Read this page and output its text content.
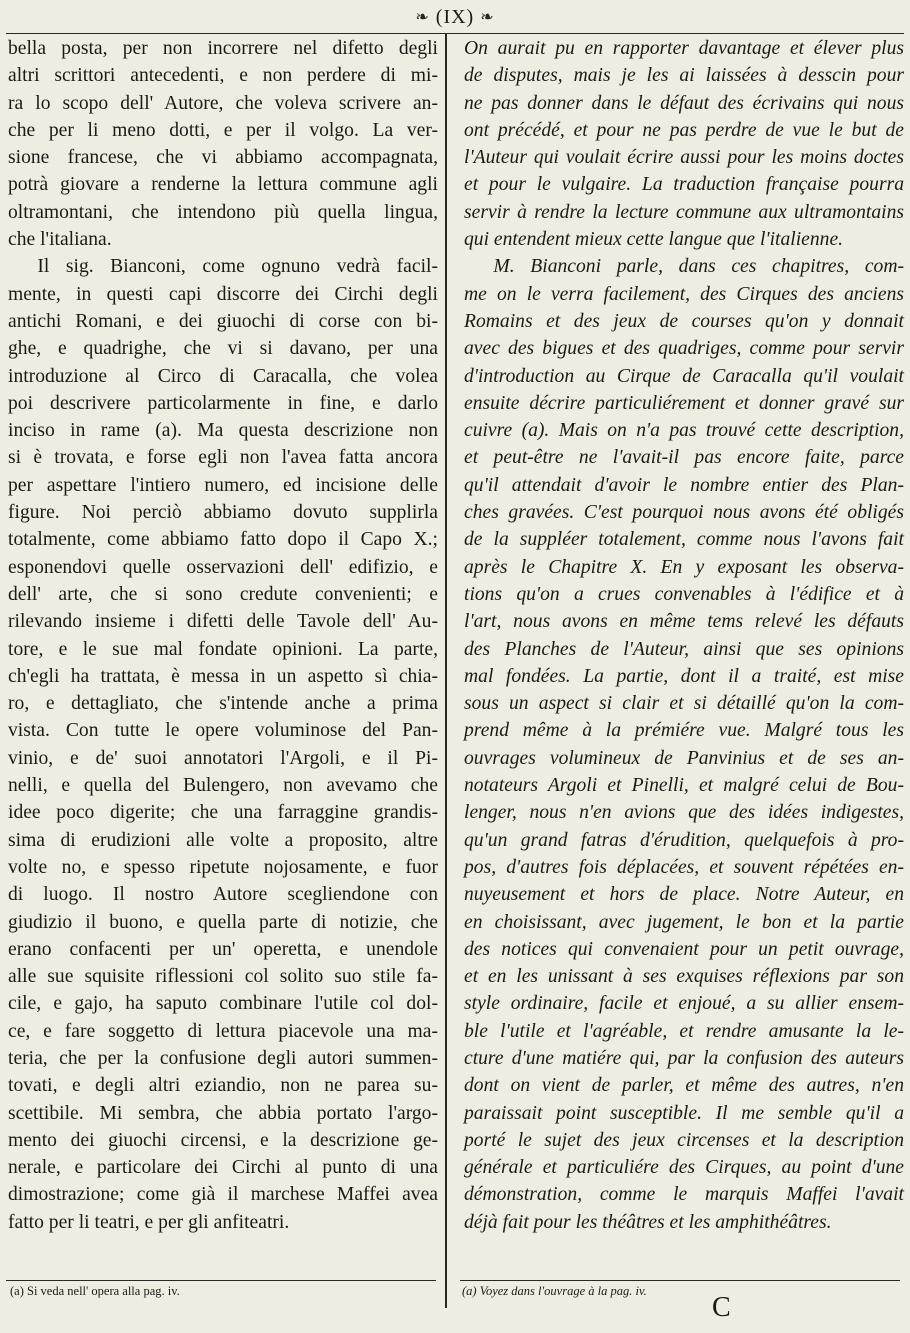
❧ (IX) ❧
bella posta, per non incorrere nel difetto degli
altri scrittori antecedenti, e non perdere di mi-
ra lo scopo dell' Autore, che voleva scrivere an-
che per li meno dotti, e per il volgo. La ver-
sione francese, che vi abbiamo accompagnata,
potrà giovare a renderne la lettura commune agli
oltramontani, che intendono più quella lingua,
che l'italiana.
Il sig. Bianconi, come ognuno vedrà facil-
mente, in questi capi discorre dei Circhi degli
antichi Romani, e dei giuochi di corse con bi-
ghe, e quadrighe, che vi si davano, per una
introduzione al Circo di Caracalla, che volea
poi descrivere particolarmente in fine, e darlo
inciso in rame (a). Ma questa descrizione non
si è trovata, e forse egli non l'avea fatta ancora
per aspettare l'intiero numero, ed incisione delle
figure. Noi perciò abbiamo dovuto supplirla
totalmente, come abbiamo fatto dopo il Capo X.;
esponendovi quelle osservazioni dell' edifizio, e
dell' arte, che si sono credute convenienti; e
rilevando insieme i difetti delle Tavole dell' Au-
tore, e le sue mal fondate opinioni. La parte,
ch'egli ha trattata, è messa in un aspetto sì chia-
ro, e dettagliato, che s'intende anche a prima
vista. Con tutte le opere voluminose del Pan-
vinio, e de' suoi annotatori l'Argoli, e il Pi-
nelli, e quella del Bulengero, non avevamo che
idee poco digerite; che una farraggine grandis-
sima di erudizioni alle volte a proposito, altre
volte no, e spesso ripetute nojosamente, e fuor
di luogo. Il nostro Autore scegliendone con
giudizio il buono, e quella parte di notizie, che
erano confacenti per un' operetta, e unendole
alle sue squisite riflessioni col solito suo stile fa-
cile, e gajo, ha saputo combinare l'utile col dol-
ce, e fare soggetto di lettura piacevole una ma-
teria, che per la confusione degli autori summen-
tovati, e degli altri eziandio, non ne parea su-
scettibile. Mi sembra, che abbia portato l'argo-
mento dei giuochi circensi, e la descrizione ge-
nerale, e particolare dei Circhi al punto di una
dimostrazione; come già il marchese Maffei avea
fatto per li teatri, e per gli anfiteatri.
On aurait pu en rapporter davantage et élever plus
de disputes, mais je les ai laissées à desscin pour
ne pas donner dans le défaut des écrivains qui nous
ont précédé, et pour ne pas perdre de vue le but de
l'Auteur qui voulait écrire aussi pour les moins doctes
et pour le vulgaire. La traduction française pourra
servir à rendre la lecture commune aux ultramontains
qui entendent mieux cette langue que l'italienne.
M. Bianconi parle, dans ces chapitres, com-
me on le verra facilement, des Cirques des anciens
Romains et des jeux de courses qu'on y donnait
avec des bigues et des quadriges, comme pour servir
d'introduction au Cirque de Caracalla qu'il voulait
ensuite décrire particuliérement et donner gravé sur
cuivre (a). Mais on n'a pas trouvé cette description,
et peut-être ne l'avait-il pas encore faite, parce
qu'il attendait d'avoir le nombre entier des Plan-
ches gravées. C'est pourquoi nous avons été obligés
de la suppléer totalement, comme nous l'avons fait
après le Chapitre X. En y exposant les observa-
tions qu'on a crues convenables à l'édifice et à
l'art, nous avons en même tems relevé les défauts
des Planches de l'Auteur, ainsi que ses opinions
mal fondées. La partie, dont il a traité, est mise
sous un aspect si clair et si détaillé qu'on la com-
prend même à la prémiére vue. Malgré tous les
ouvrages volumineux de Panvinius et de ses an-
notateurs Argoli et Pinelli, et malgré celui de Bou-
lenger, nous n'en avions que des idées indigestes,
qu'un grand fatras d'érudition, quelquefois à pro-
pos, d'autres fois déplacées, et souvent répétées en-
nuyeusement et hors de place. Notre Auteur, en
en choisissant, avec jugement, le bon et la partie
des notices qui convenaient pour un petit ouvrage,
et en les unissant à ses exquises réflexions par son
style ordinaire, facile et enjoué, a su allier ensem-
ble l'utile et l'agréable, et rendre amusante la le-
cture d'une matiére qui, par la confusion des auteurs
dont on vient de parler, et même des autres, n'en
paraissait point susceptible. Il me semble qu'il a
porté le sujet des jeux circenses et la description
générale et particuliére des Cirques, au point d'une
démonstration, comme le marquis Maffei l'avait
déjà fait pour les théâtres et les amphithéâtres.
(a) Si veda nell' opera alla pag. iv.	(a) Voyez dans l'ouvrage à la pag. iv.
C
